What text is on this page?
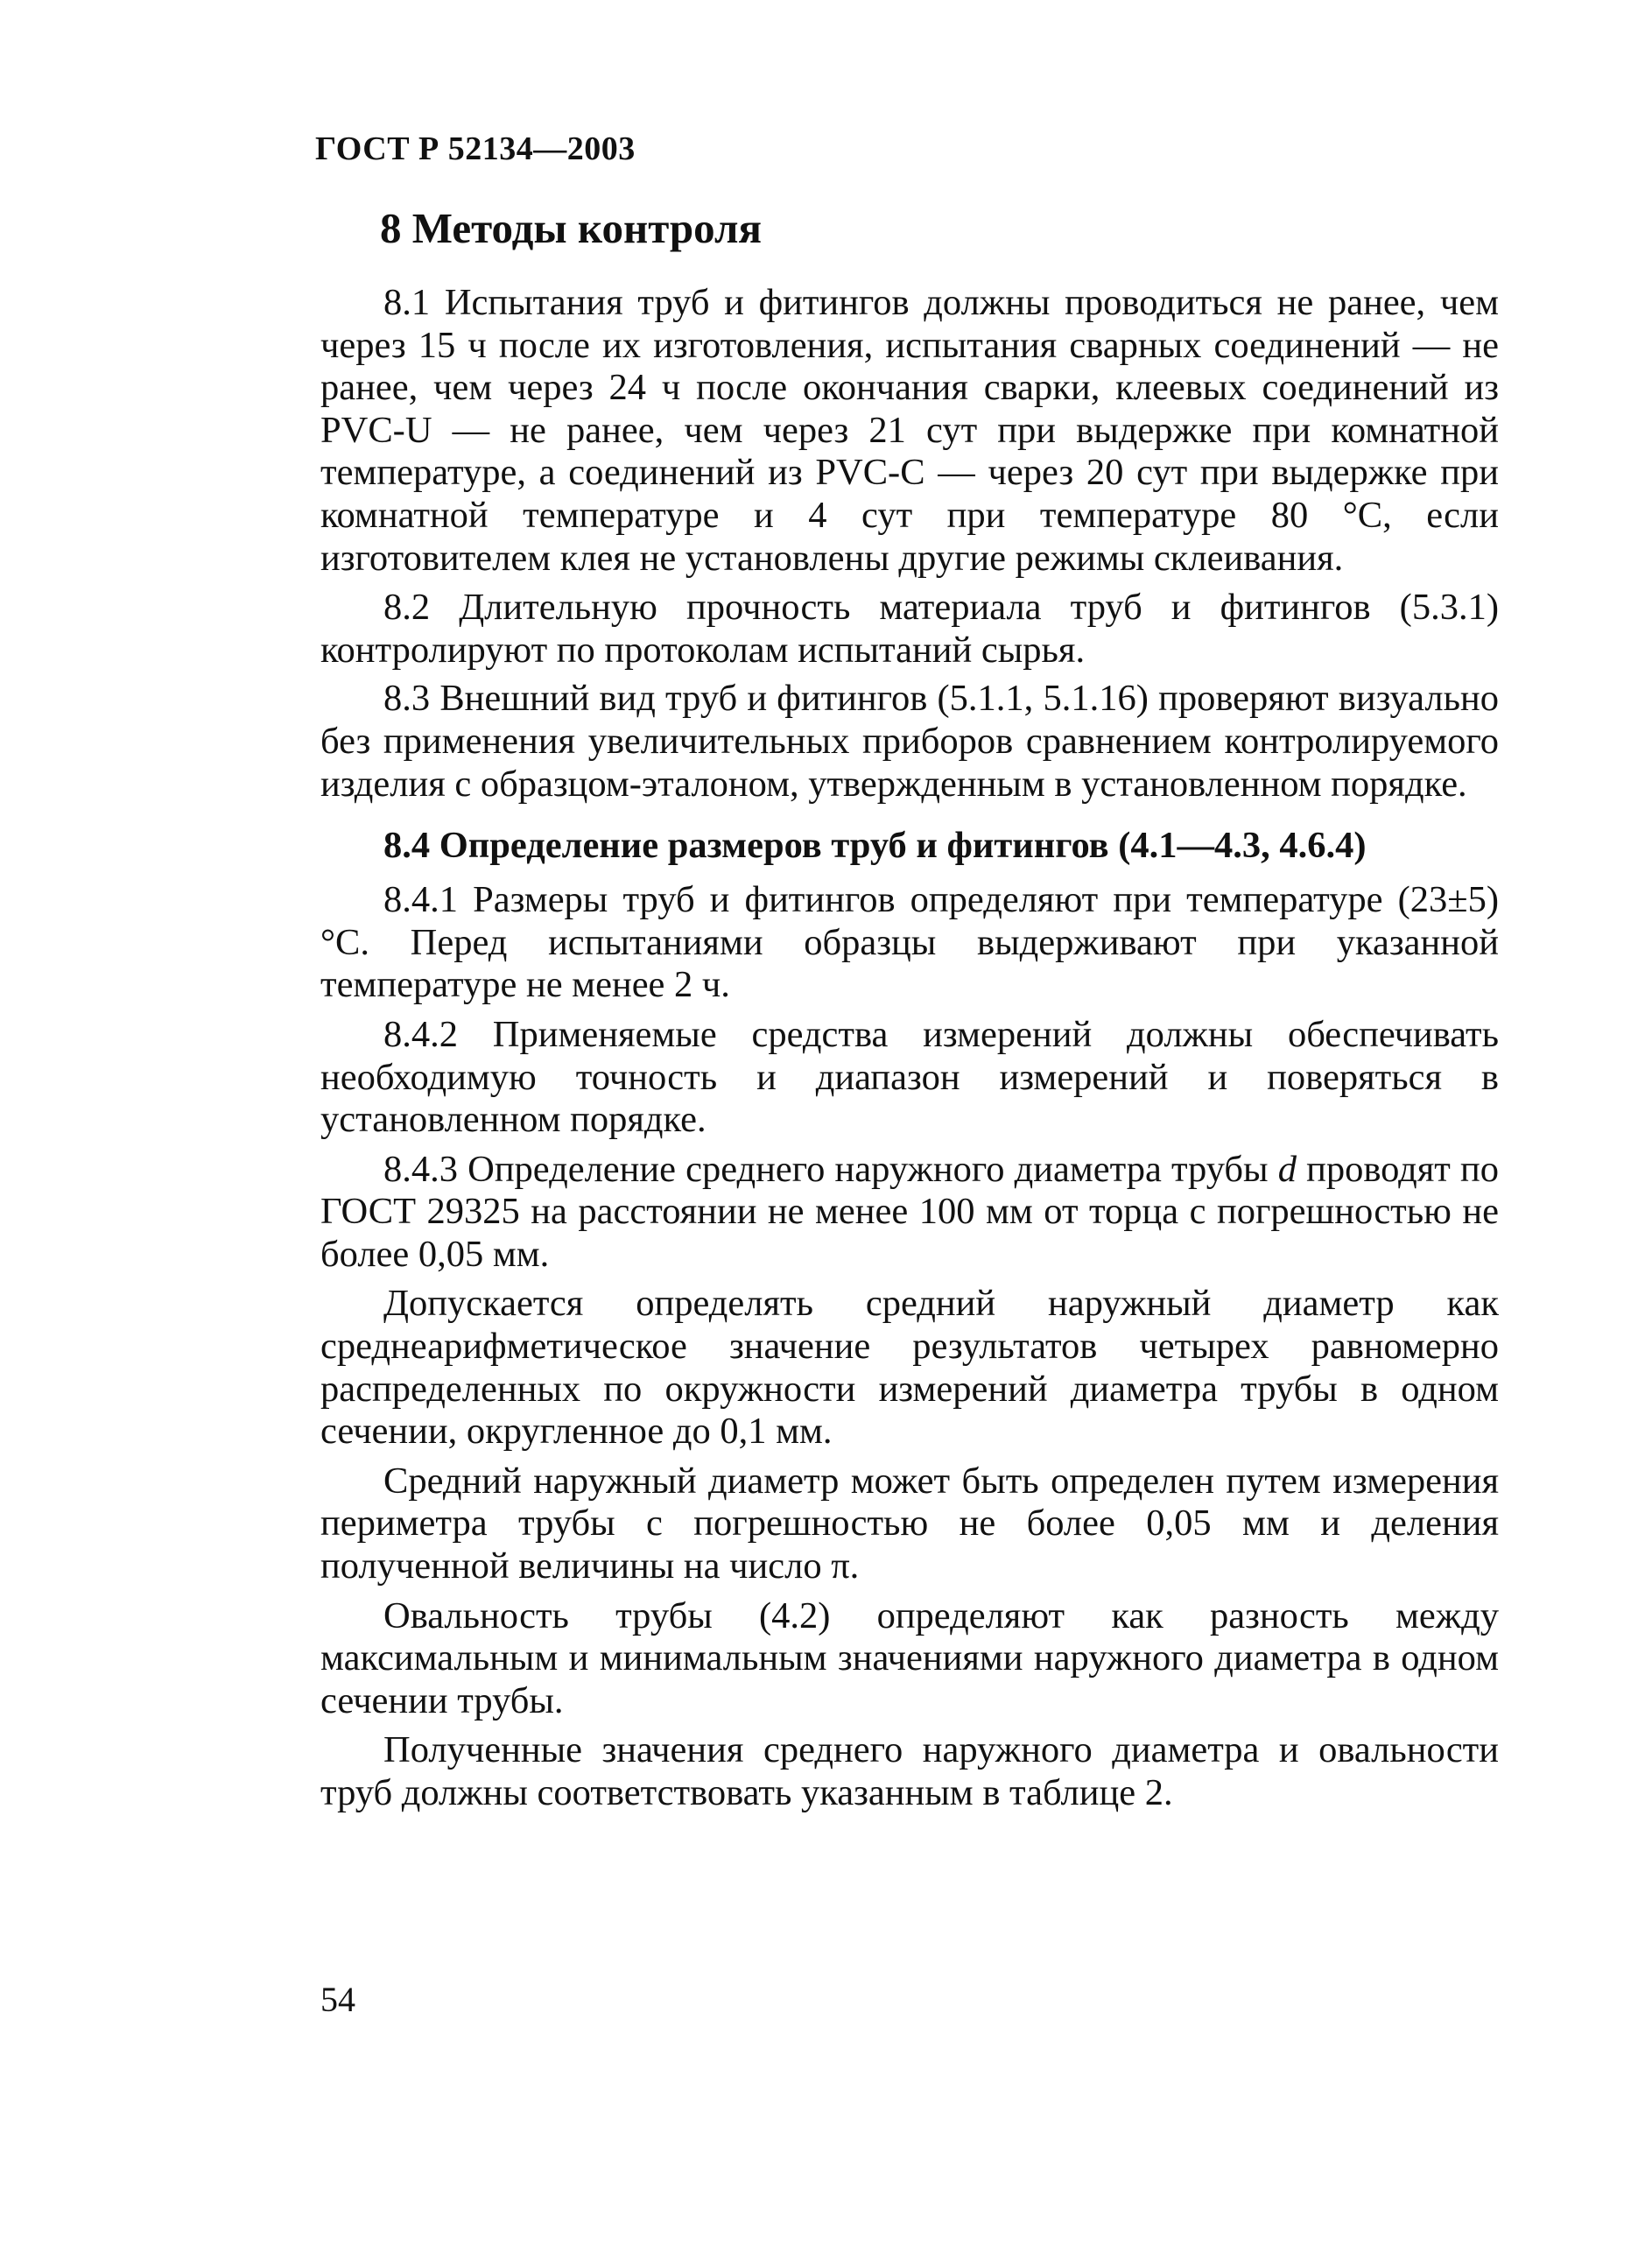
ГОСТ Р 52134—2003
8 Методы контроля

8.1 Испытания труб и фитингов должны проводиться не ранее, чем через 15 ч после их изготовления, испытания сварных соединений — не ранее, чем через 24 ч после окончания сварки, клеевых соединений из PVC-U — не ранее, чем через 21 сут при выдержке при комнатной температуре, а соединений из PVC-C — через 20 сут при выдержке при комнатной температуре и 4 сут при температуре 80 °С, если изготовителем клея не установлены другие режимы склеивания.

8.2 Длительную прочность материала труб и фитингов (5.3.1) контролируют по протоколам испытаний сырья.

8.3 Внешний вид труб и фитингов (5.1.1, 5.1.16) проверяют визуально без применения увеличительных приборов сравнением контролируемого изделия с образцом-эталоном, утвержденным в установленном порядке.

8.4 Определение размеров труб и фитингов (4.1—4.3, 4.6.4)

8.4.1 Размеры труб и фитингов определяют при температуре (23±5) °С. Перед испытаниями образцы выдерживают при указанной температуре не менее 2 ч.

8.4.2 Применяемые средства измерений должны обеспечивать необходимую точность и диапазон измерений и поверяться в установленном порядке.

8.4.3 Определение среднего наружного диаметра трубы d проводят по ГОСТ 29325 на расстоянии не менее 100 мм от торца с погрешностью не более 0,05 мм.

Допускается определять средний наружный диаметр как среднеарифметическое значение результатов четырех равномерно распределенных по окружности измерений диаметра трубы в одном сечении, округленное до 0,1 мм.

Средний наружный диаметр может быть определен путем измерения периметра трубы с погрешностью не более 0,05 мм и деления полученной величины на число π.

Овальность трубы (4.2) определяют как разность между максимальным и минимальным значениями наружного диаметра в одном сечении трубы.

Полученные значения среднего наружного диаметра и овальности труб должны соответствовать указанным в таблице 2.

54
